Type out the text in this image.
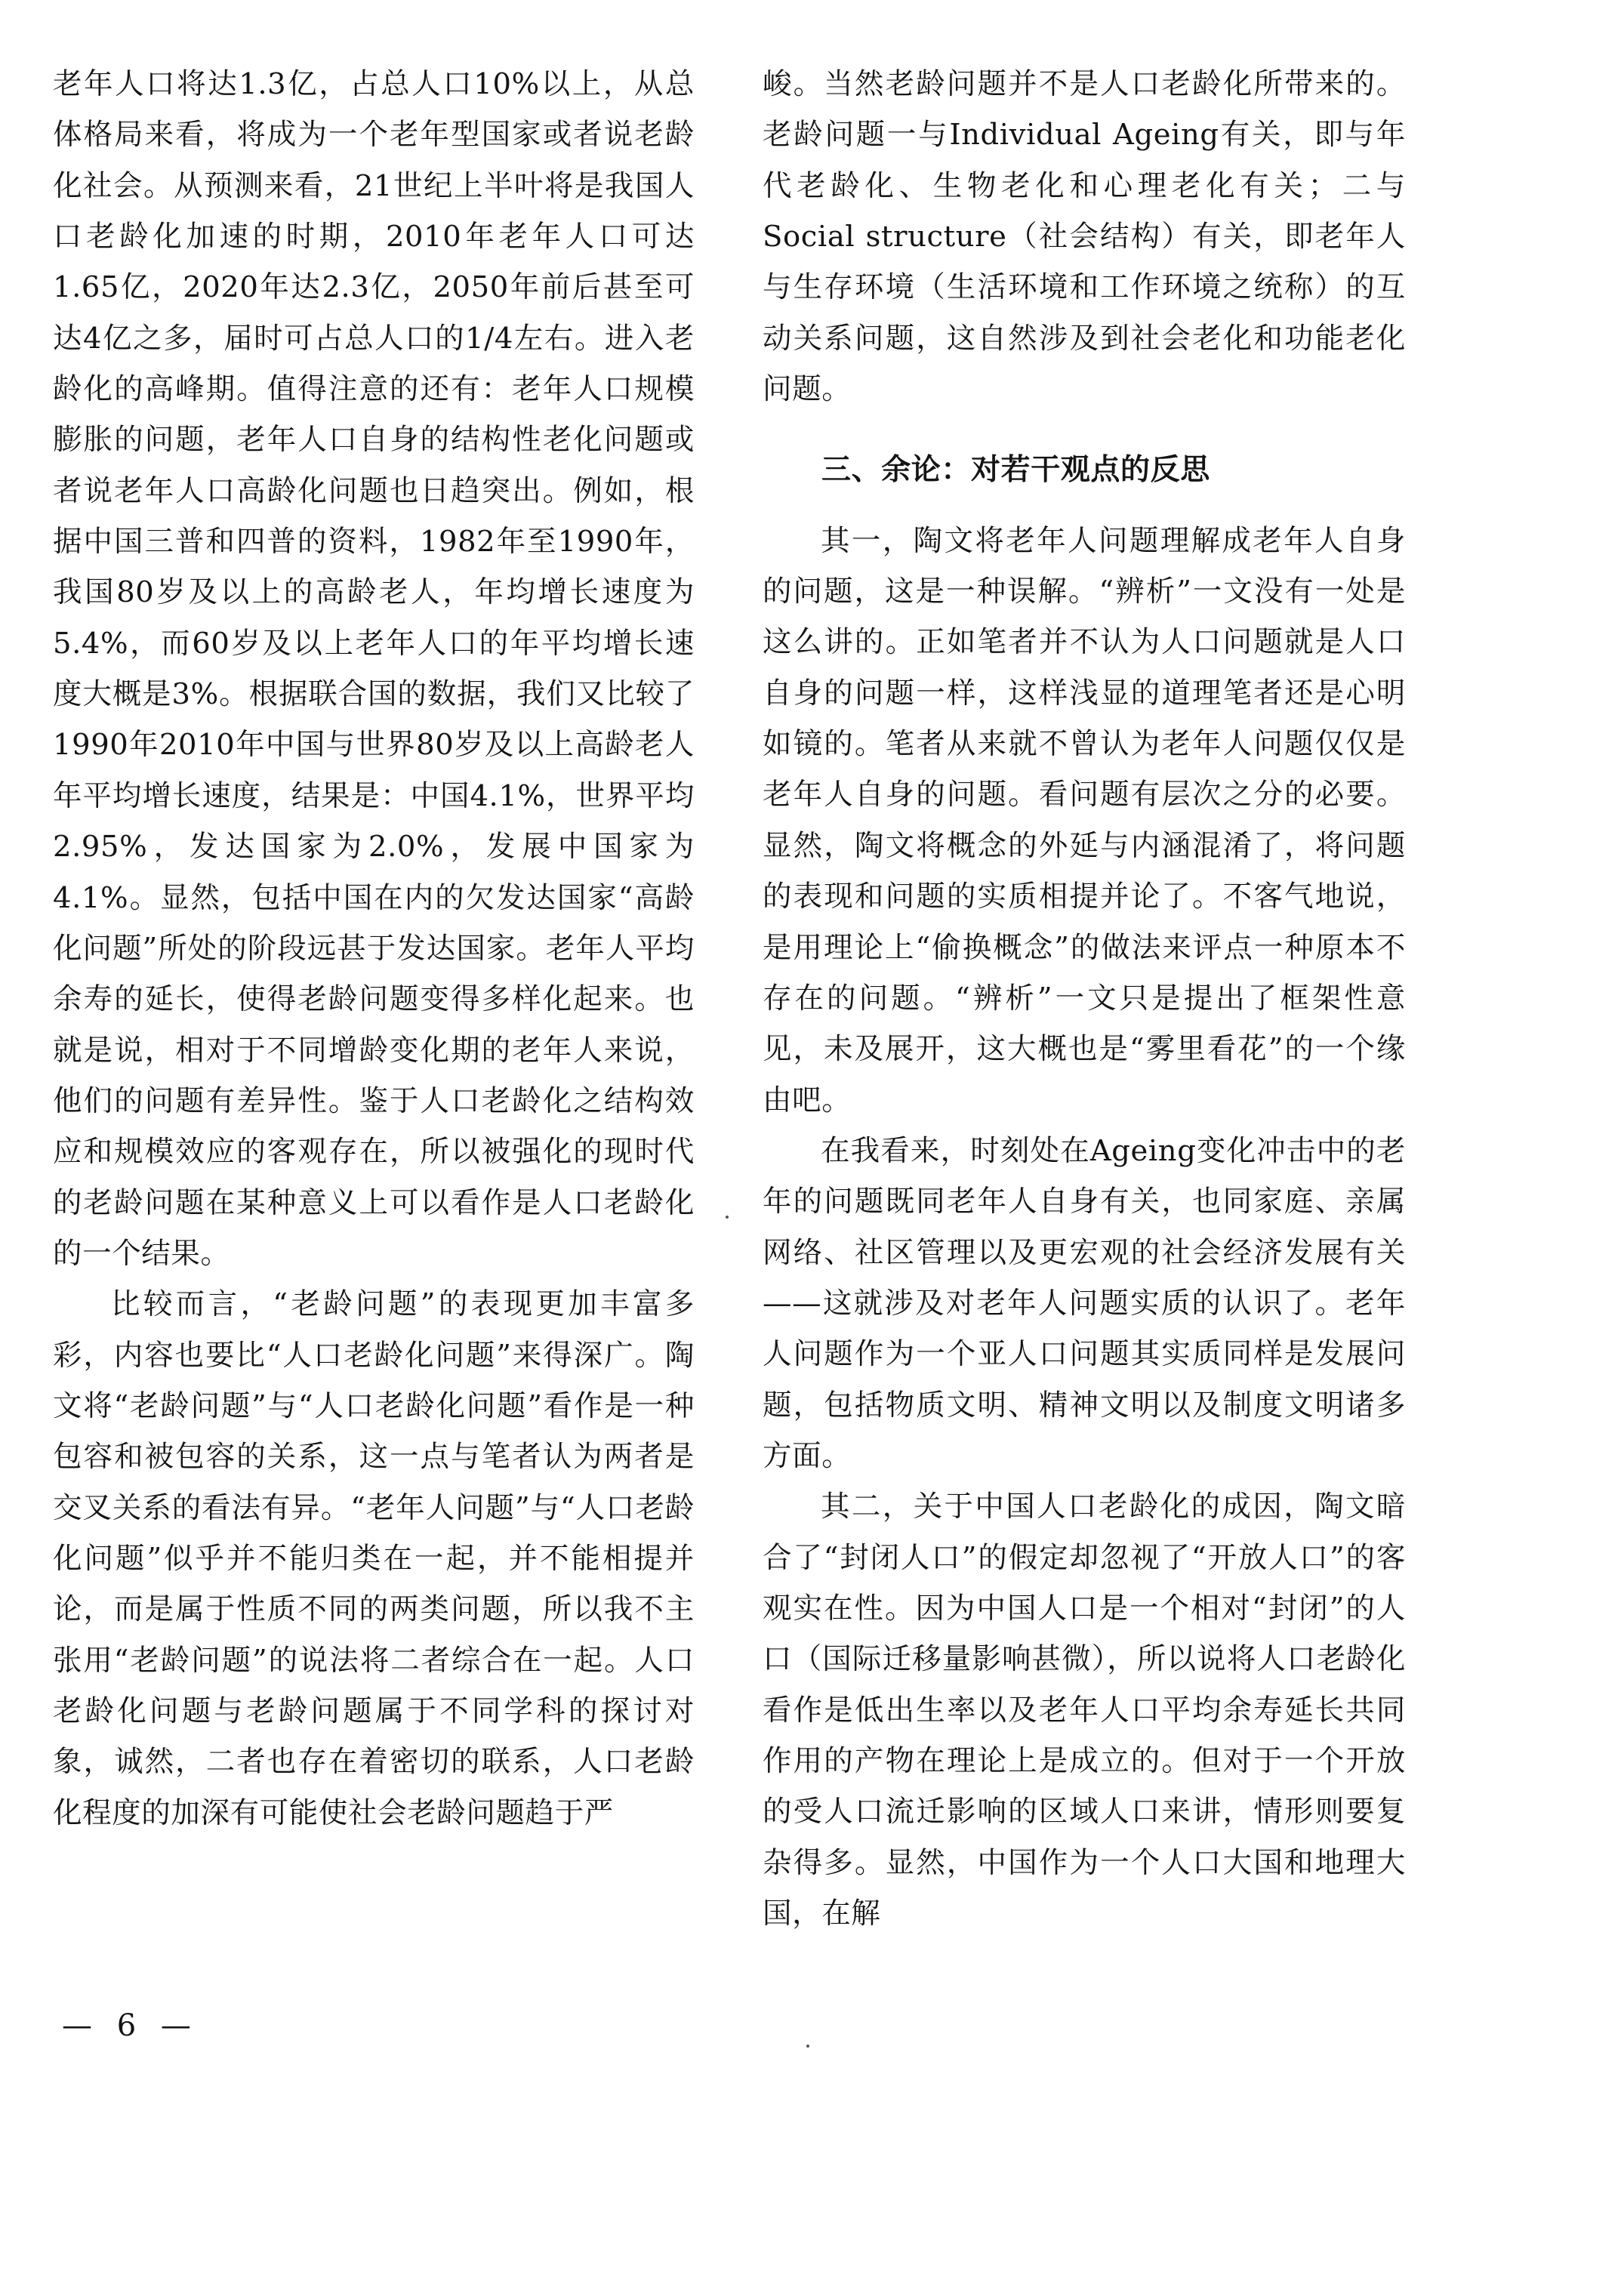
老年人口将达1.3亿，占总人口10%以上，从总体格局来看，将成为一个老年型国家或者说老龄化社会。从预测来看，21世纪上半叶将是我国人口老龄化加速的时期，2010年老年人口可达1.65亿，2020年达2.3亿，2050年前后甚至可达4亿之多，届时可占总人口的1/4左右。进入老龄化的高峰期。值得注意的还有：老年人口规模膨胀的问题，老年人口自身的结构性老化问题或者说老年人口高龄化问题也日趋突出。例如，根据中国三普和四普的资料，1982年至1990年，我国80岁及以上的高龄老人，年均增长速度为5.4%，而60岁及以上老年人口的年平均增长速度大概是3%。根据联合国的数据，我们又比较了1990年2010年中国与世界80岁及以上高龄老人年平均增长速度，结果是：中国4.1%，世界平均2.95%，发达国家为2.0%，发展中国家为4.1%。显然，包括中国在内的欠发达国家“高龄化问题”所处的阶段远甚于发达国家。老年人平均余寿的延长，使得老龄问题变得多样化起来。也就是说，相对于不同增龄变化期的老年人来说，他们的问题有差异性。鉴于人口老龄化之结构效应和规模效应的客观存在，所以被强化的现时代的老龄问题在某种意义上可以看作是人口老龄化的一个结果。

比较而言，“老龄问题”的表现更加丰富多彩，内容也要比“人口老龄化问题”来得深广。陶文将“老龄问题”与“人口老龄化问题”看作是一种包容和被包容的关系，这一点与笔者认为两者是交叉关系的看法有异。“老年人问题”与“人口老龄化问题”似乎并不能归类在一起，并不能相提并论，而是属于性质不同的两类问题，所以我不主张用“老龄问题”的说法将二者综合在一起。人口老龄化问题与老龄问题属于不同学科的探讨对象，诚然，二者也存在着密切的联系，人口老龄化程度的加深有可能使社会老龄问题趋于严

峻。当然老龄问题并不是人口老龄化所带来的。老龄问题一与Individual Ageing有关，即与年代老龄化、生物老化和心理老化有关；二与Social structure（社会结构）有关，即老年人与生存环境（生活环境和工作环境之统称）的互动关系问题，这自然涉及到社会老化和功能老化问题。

三、余论：对若干观点的反思

其一，陶文将老年人问题理解成老年人自身的问题，这是一种误解。“辨析”一文没有一处是这么讲的。正如笔者并不认为人口问题就是人口自身的问题一样，这样浅显的道理笔者还是心明如镜的。笔者从来就不曾认为老年人问题仅仅是老年人自身的问题。看问题有层次之分的必要。显然，陶文将概念的外延与内涵混淆了，将问题的表现和问题的实质相提并论了。不客气地说，是用理论上“偷换概念”的做法来评点一种原本不存在的问题。“辨析”一文只是提出了框架性意见，未及展开，这大概也是“雾里看花”的一个缘由吧。

在我看来，时刻处在Ageing变化冲击中的老年的问题既同老年人自身有关，也同家庭、亲属网络、社区管理以及更宏观的社会经济发展有关——这就涉及对老年人问题实质的认识了。老年人问题作为一个亚人口问题其实质同样是发展问题，包括物质文明、精神文明以及制度文明诸多方面。

其二，关于中国人口老龄化的成因，陶文暗合了“封闭人口”的假定却忽视了“开放人口”的客观实在性。因为中国人口是一个相对“封闭”的人口（国际迁移量影响甚微），所以说将人口老龄化看作是低出生率以及老年人口平均余寿延长共同作用的产物在理论上是成立的。但对于一个开放的受人口流迁影响的区域人口来讲，情形则要复杂得多。显然，中国作为一个人口大国和地理大国，在解

— 6 —
